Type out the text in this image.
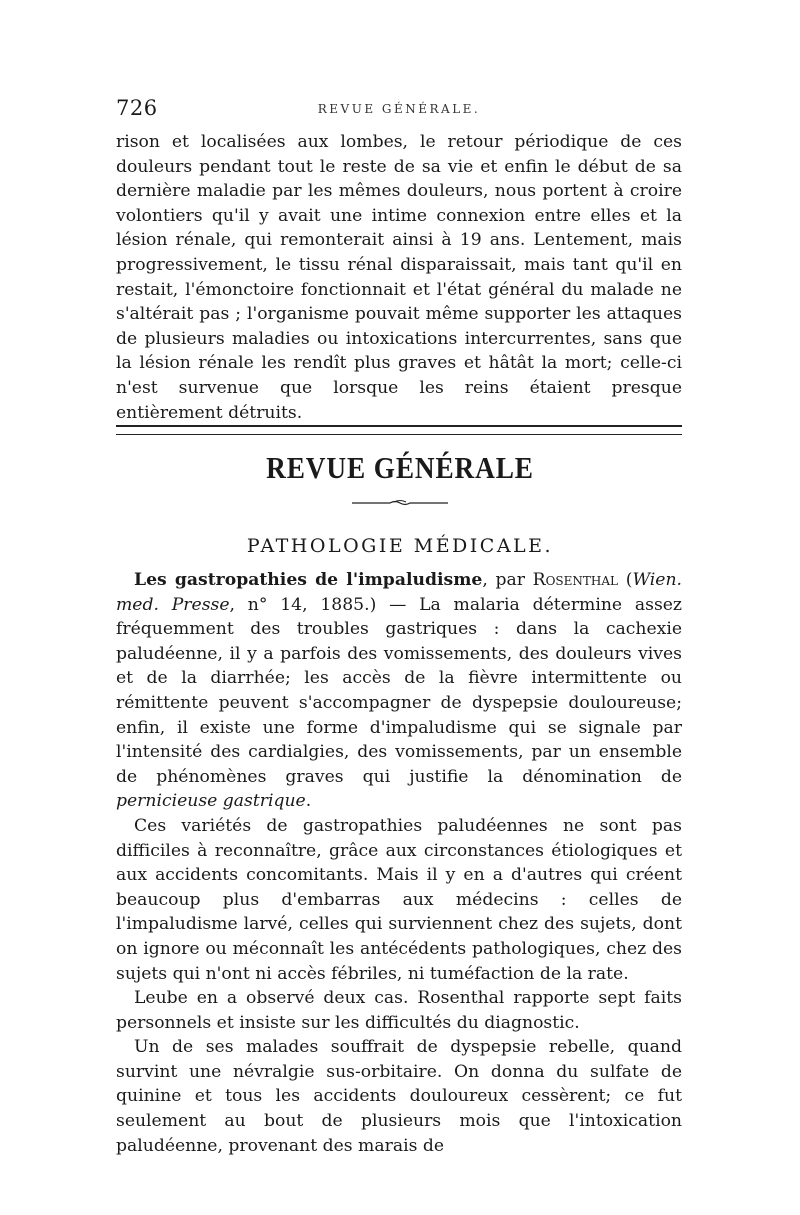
726	REVUE GÉNÉRALE.

rison et localisées aux lombes, le retour périodique de ces douleurs pendant tout le reste de sa vie et enfin le début de sa dernière maladie par les mêmes douleurs, nous portent à croire volontiers qu'il y avait une intime connexion entre elles et la lésion rénale, qui remonterait ainsi à 19 ans. Lentement, mais progressivement, le tissu rénal disparaissait, mais tant qu'il en restait, l'émonctoire fonctionnait et l'état général du malade ne s'altérait pas ; l'organisme pouvait même supporter les attaques de plusieurs maladies ou intoxications intercurrentes, sans que la lésion rénale les rendît plus graves et hâtât la mort; celle-ci n'est survenue que lorsque les reins étaient presque entièrement détruits.

REVUE GÉNÉRALE
PATHOLOGIE MÉDICALE.

Les gastropathies de l'impaludisme, par Rosenthal (Wien. med. Presse, n° 14, 1885.) — La malaria détermine assez fréquemment des troubles gastriques : dans la cachexie paludéenne, il y a parfois des vomissements, des douleurs vives et de la diarrhée; les accès de la fièvre intermittente ou rémittente peuvent s'accompagner de dyspepsie douloureuse; enfin, il existe une forme d'impaludisme qui se signale par l'intensité des cardialgies, des vomissements, par un ensemble de phénomènes graves qui justifie la dénomination de pernicieuse gastrique.

Ces variétés de gastropathies paludéennes ne sont pas difficiles à reconnaître, grâce aux circonstances étiologiques et aux accidents concomitants. Mais il y en a d'autres qui créent beaucoup plus d'embarras aux médecins : celles de l'impaludisme larvé, celles qui surviennent chez des sujets, dont on ignore ou méconnaît les antécédents pathologiques, chez des sujets qui n'ont ni accès fébriles, ni tuméfaction de la rate.

Leube en a observé deux cas. Rosenthal rapporte sept faits personnels et insiste sur les difficultés du diagnostic.

Un de ses malades souffrait de dyspepsie rebelle, quand survint une névralgie sus-orbitaire. On donna du sulfate de quinine et tous les accidents douloureux cessèrent; ce fut seulement au bout de plusieurs mois que l'intoxication paludéenne, provenant des marais de
